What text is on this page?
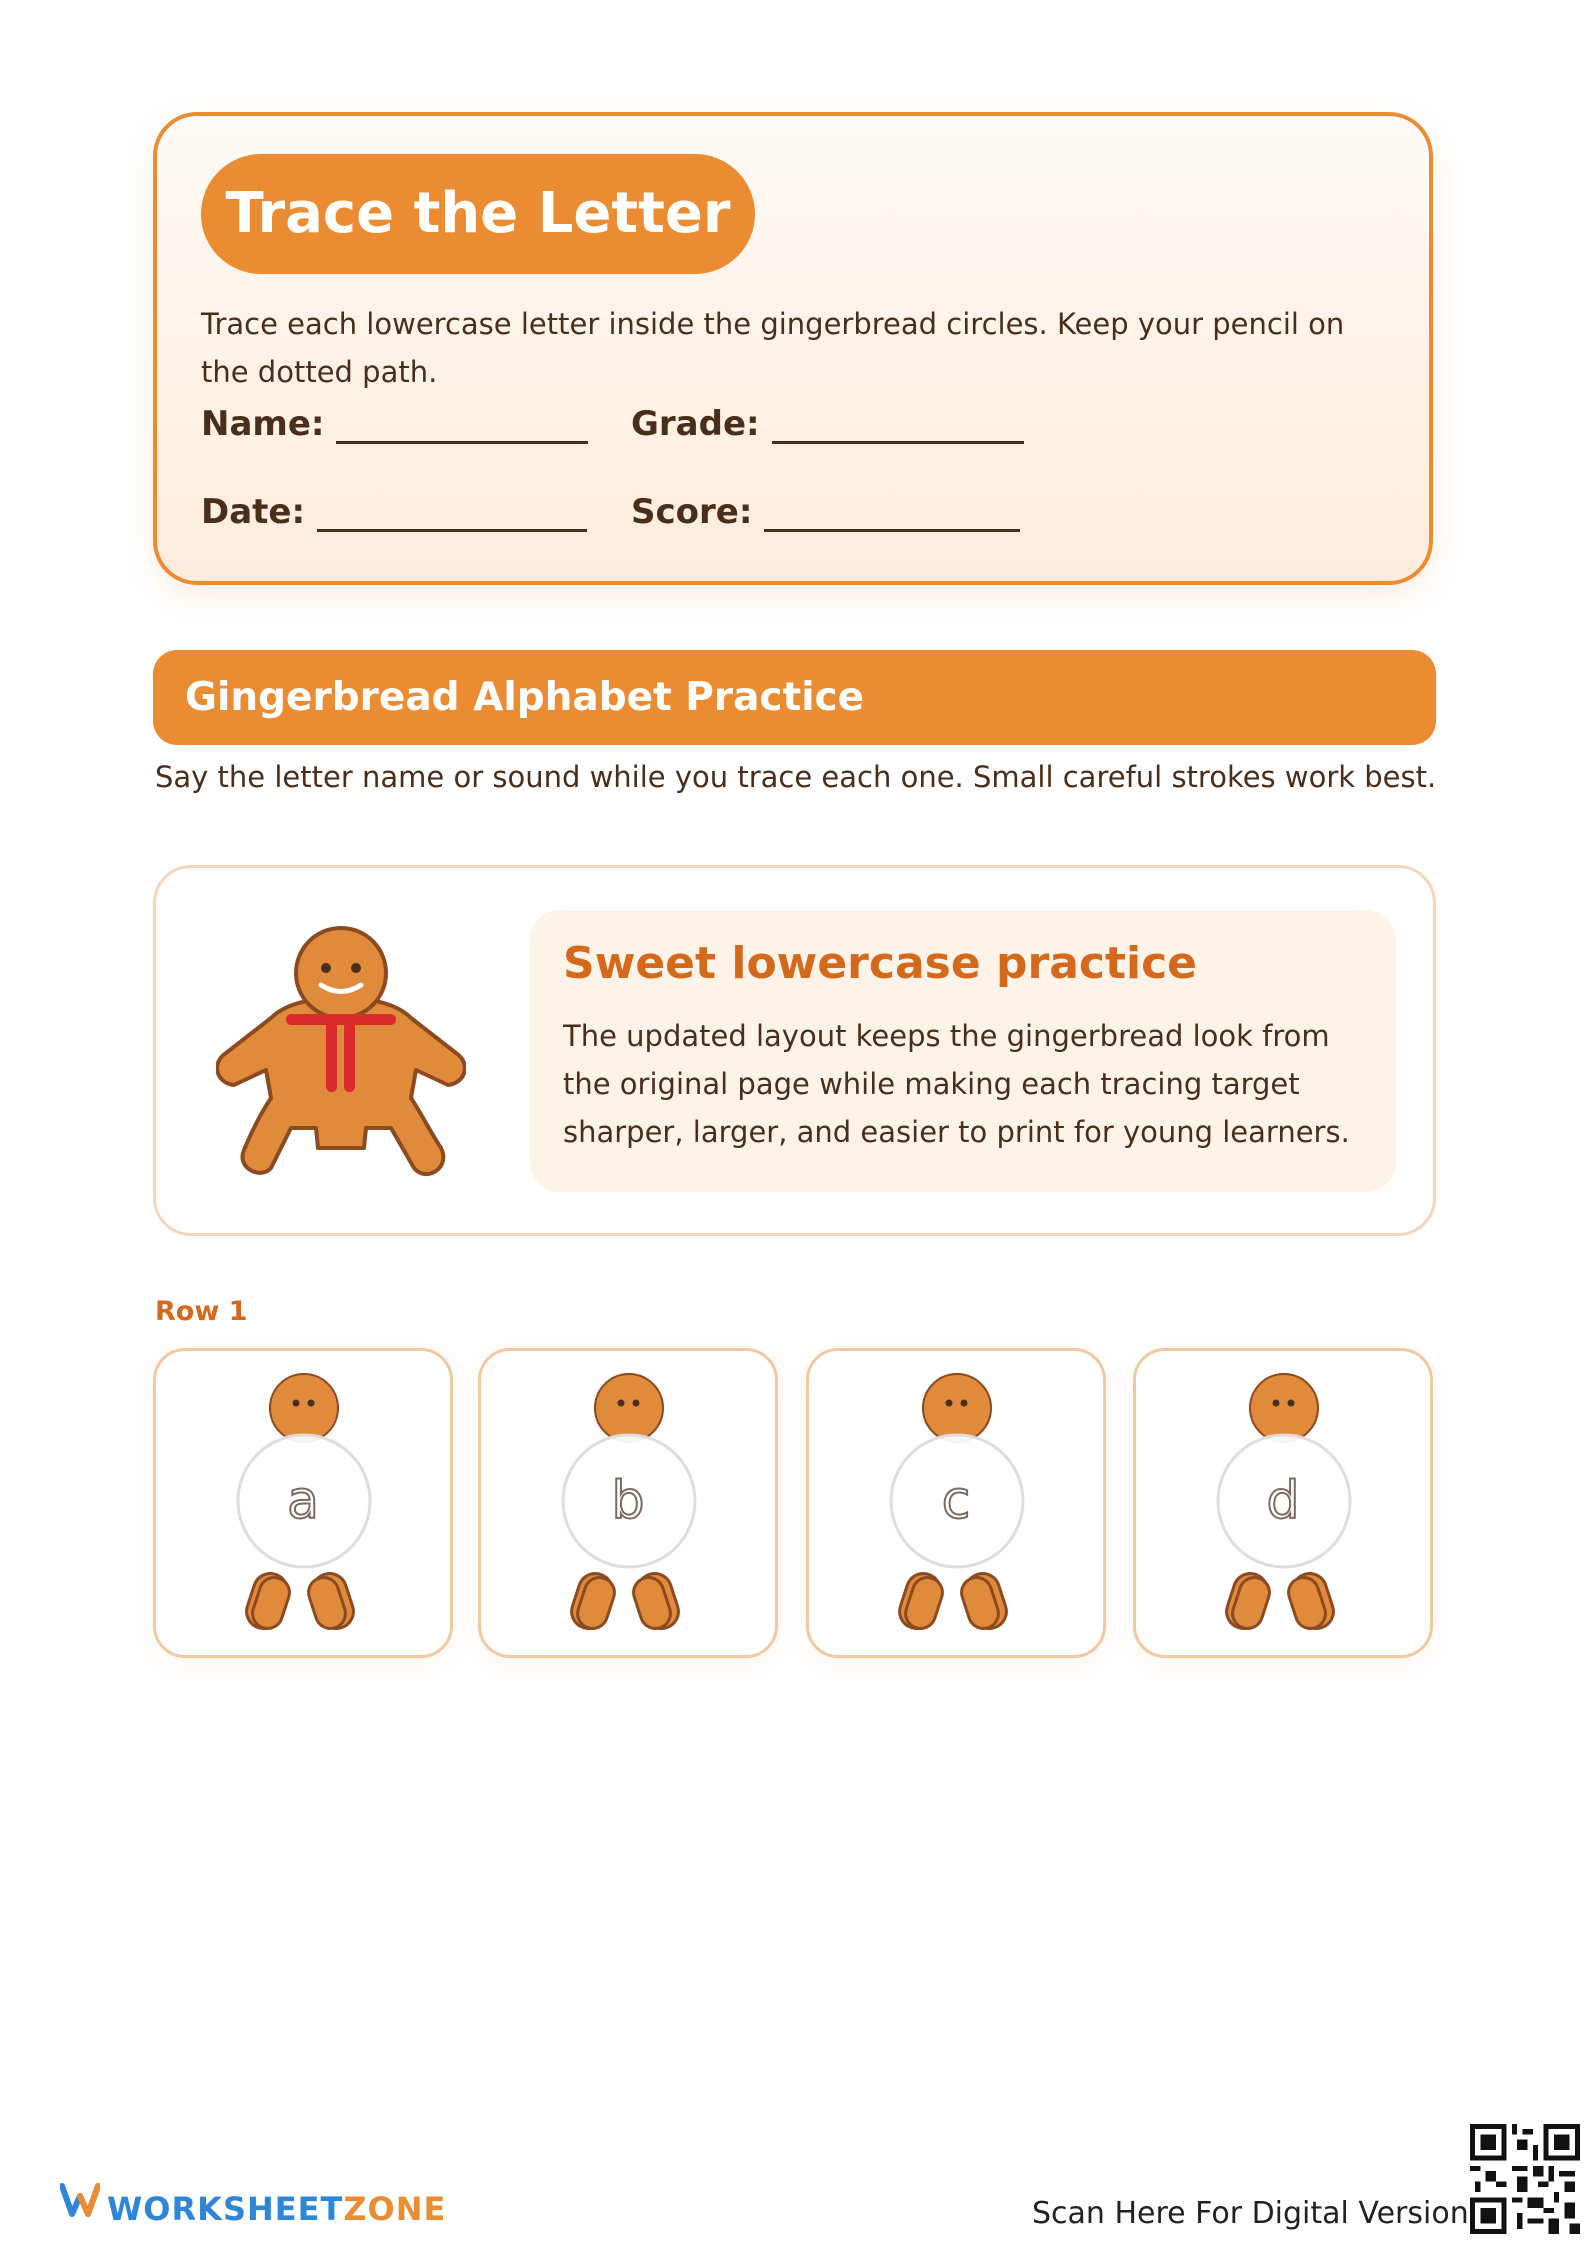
Trace the Letter
Trace each lowercase letter inside the gingerbread circles. Keep your pencil on the dotted path.
Name:	Grade:
Date:	Score:
Gingerbread Alphabet Practice
Say the letter name or sound while you trace each one. Small careful strokes work best.
Sweet lowercase practice
The updated layout keeps the gingerbread look from the original page while making each tracing target sharper, larger, and easier to print for young learners.
Row 1
a	b	c	d
WORKSHEETZONE	Scan Here For Digital Version
